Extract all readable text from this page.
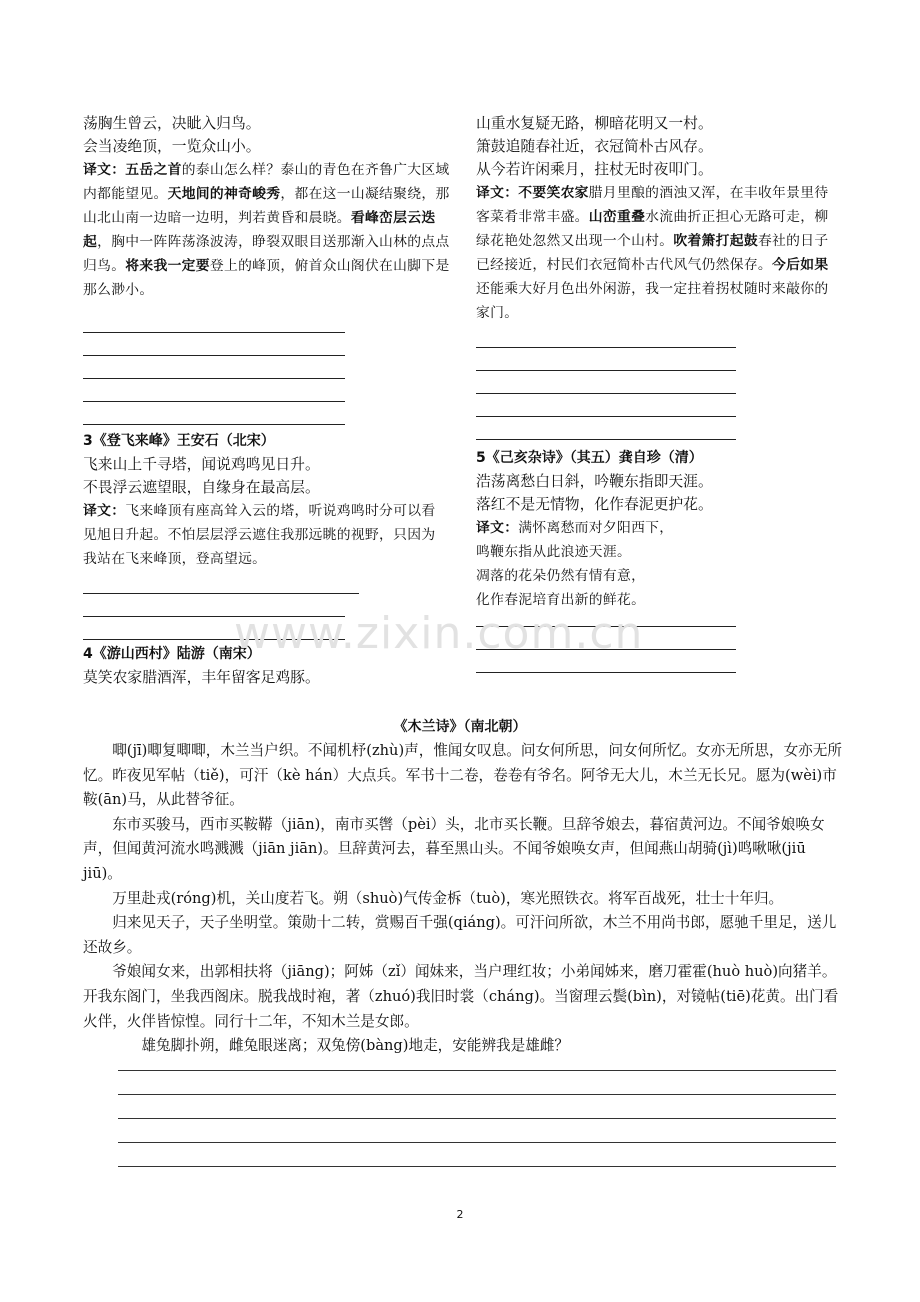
荡胸生曾云，决眦入归鸟。
会当凌绝顶，一览众山小。
译文：五岳之首的泰山怎么样？泰山的青色在齐鲁广大区域内都能望见。天地间的神奇峻秀，都在这一山凝结聚绕，那山北山南一边暗一边明，判若黄昏和晨晓。看峰峦层云迭起，胸中一阵阵荡涤波涛，睁裂双眼目送那渐入山林的点点归鸟。将来我一定要登上的峰顶，俯首众山阁伏在山脚下是那么渺小。
3《登飞来峰》王安石（北宋）
飞来山上千寻塔，闻说鸡鸣见日升。
不畏浮云遮望眼，自缘身在最高层。
译文：飞来峰顶有座高耸入云的塔，听说鸡鸣时分可以看见旭日升起。不怕层层浮云遮住我那远眺的视野，只因为我站在飞来峰顶，登高望远。
4《游山西村》陆游（南宋）
莫笑农家腊酒浑，丰年留客足鸡豚。
山重水复疑无路，柳暗花明又一村。
箫鼓追随春社近，衣冠简朴古风存。
从今若许闲乘月，拄杖无时夜叩门。
译文：不要笑农家腊月里酿的酒浊又浑，在丰收年景里待客菜肴非常丰盛。山峦重叠水流曲折正担心无路可走，柳绿花艳处忽然又出现一个山村。吹着箫打起鼓春社的日子已经接近，村民们衣冠简朴古代风气仍然保存。今后如果还能乘大好月色出外闲游，我一定拄着拐杖随时来敲你的家门。
5《己亥杂诗》（其五）龚自珍（清）
浩荡离愁白日斜，吟鞭东指即天涯。
落红不是无情物，化作春泥更护花。
译文：满怀离愁而对夕阳西下，
鸣鞭东指从此浪迹天涯。
凋落的花朵仍然有情有意，
化作春泥培育出新的鲜花。
www.zixin.com.cn
《木兰诗》（南北朝）

唧(jī)唧复唧唧，木兰当户织。不闻机杼(zhù)声，惟闻女叹息。问女何所思，问女何所忆。女亦无所思，女亦无所忆。昨夜见军帖（tiě)，可汗（kè hán）大点兵。军书十二卷，卷卷有爷名。阿爷无大儿，木兰无长兄。愿为(wèi)市鞍(ān)马，从此替爷征。

东市买骏马，西市买鞍鞯（jiān)，南市买辔（pèi）头，北市买长鞭。旦辞爷娘去，暮宿黄河边。不闻爷娘唤女声，但闻黄河流水鸣溅溅（jiān jiān)。旦辞黄河去，暮至黑山头。不闻爷娘唤女声，但闻燕山胡骑(jì)鸣啾啾(jiū jiū)。

万里赴戎(róng)机，关山度若飞。朔（shuò)气传金柝（tuò)，寒光照铁衣。将军百战死，壮士十年归。

归来见天子，天子坐明堂。策勋十二转，赏赐百千强(qiáng)。可汗问所欲，木兰不用尚书郎，愿驰千里足，送儿还故乡。

爷娘闻女来，出郭相扶将（jiāng)；阿姊（zǐ）闻妹来，当户理红妆；小弟闻姊来，磨刀霍霍(huò huò)向猪羊。开我东阁门，坐我西阁床。脱我战时袍，著（zhuó)我旧时裳（cháng)。当窗理云鬓(bìn)，对镜帖(tiē)花黄。出门看火伴，火伴皆惊惶。同行十二年，不知木兰是女郎。

雄兔脚扑朔，雌兔眼迷离；双兔傍(bàng)地走，安能辨我是雄雌？

2
